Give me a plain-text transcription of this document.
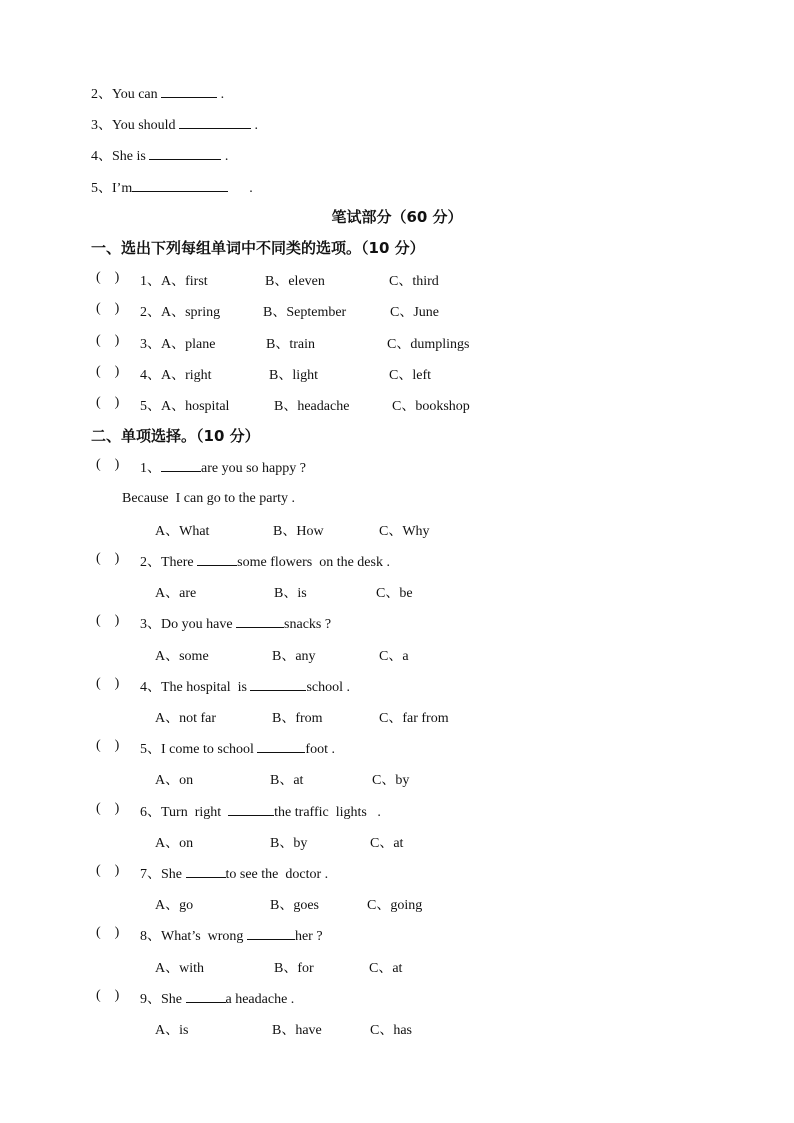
2、You can	.
3、You should	.
4、She is	.
5、I’m	.
笔试部分（60 分）
一、选出下列每组单词中不同类的选项。（10 分）
(    ) 1、A、first	B、eleven	C、third
(    ) 2、A、spring	B、September	C、June
(    ) 3、A、plane	B、train	C、dumplings
(    ) 4、A、right	B、light	C、left
(    ) 5、A、hospital	B、headache	C、bookshop
二、单项选择。（10 分）
(    ) 1、	are you so happy ?
Because  I can go to the party .
A、What	B、How	C、Why
(    ) 2、There	some flowers  on the desk .
A、are	B、is	C、be
(    ) 3、Do you have	snacks ?
A、some	B、any	C、a
(    ) 4、The hospital  is	school .
A、not far	B、from	C、far from
(    ) 5、I come to school	foot .
A、on	B、at	C、by
(    ) 6、Turn  right	the traffic  lights   .
A、on	B、by	C、at
(    ) 7、She	to see the  doctor .
A、go	B、goes	C、going
(    ) 8、What’s  wrong	her ?
A、with	B、for	C、at
(    ) 9、She	a headache .
A、is	B、have	C、has
